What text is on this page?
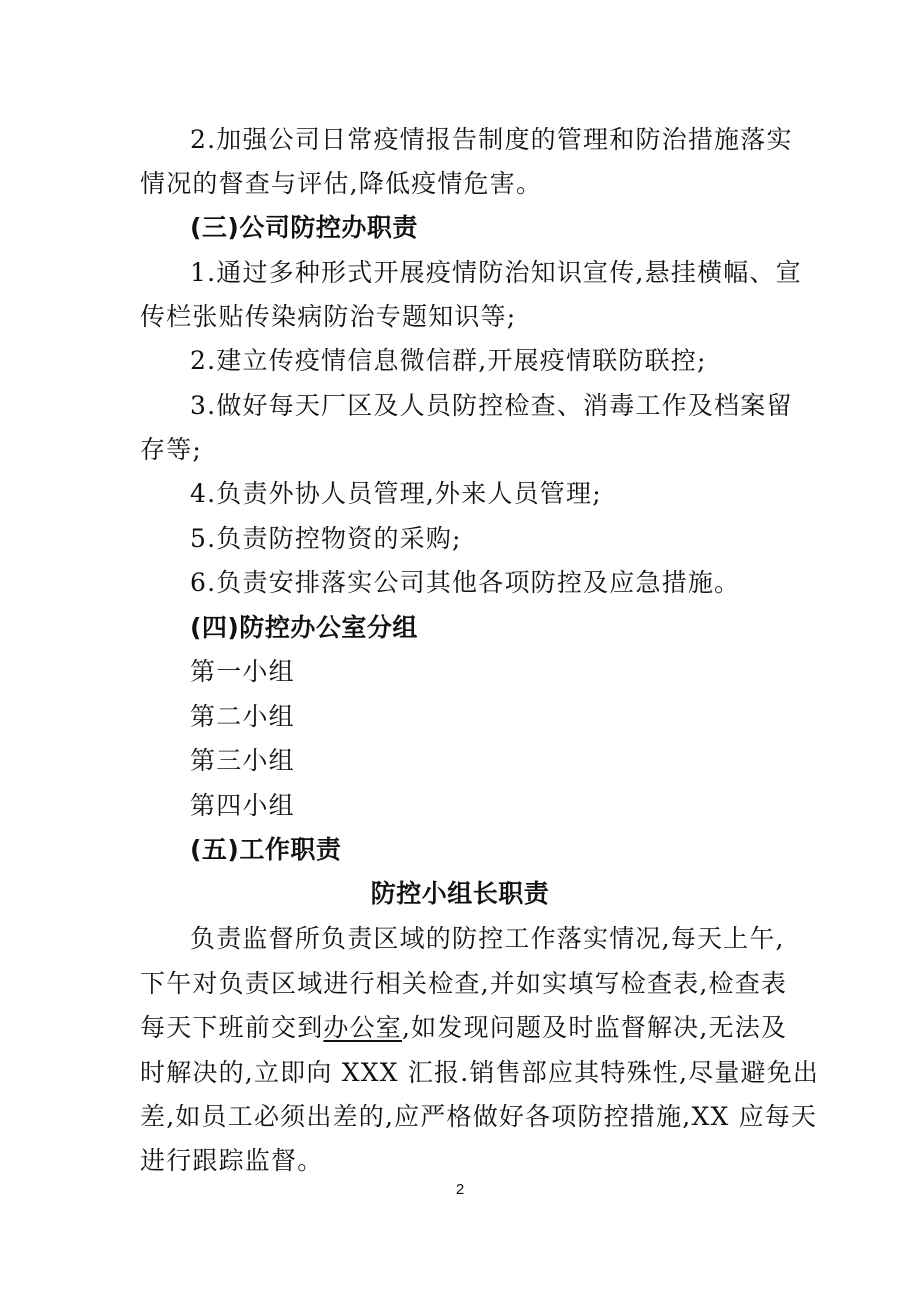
2.加强公司日常疫情报告制度的管理和防治措施落实
情况的督查与评估,降低疫情危害。
(三)公司防控办职责
1.通过多种形式开展疫情防治知识宣传,悬挂横幅、宣
传栏张贴传染病防治专题知识等;
2.建立传疫情信息微信群,开展疫情联防联控;
3.做好每天厂区及人员防控检查、消毒工作及档案留
存等;
4.负责外协人员管理,外来人员管理;
5.负责防控物资的采购;
6.负责安排落实公司其他各项防控及应急措施。
(四)防控办公室分组
第一小组
第二小组
第三小组
第四小组
(五)工作职责
防控小组长职责
负责监督所负责区域的防控工作落实情况,每天上午,
下午对负责区域进行相关检查,并如实填写检查表,检查表
每天下班前交到办公室,如发现问题及时监督解决,无法及
时解决的,立即向 XXX 汇报.销售部应其特殊性,尽量避免出
差,如员工必须出差的,应严格做好各项防控措施,XX 应每天
进行跟踪监督。
2
